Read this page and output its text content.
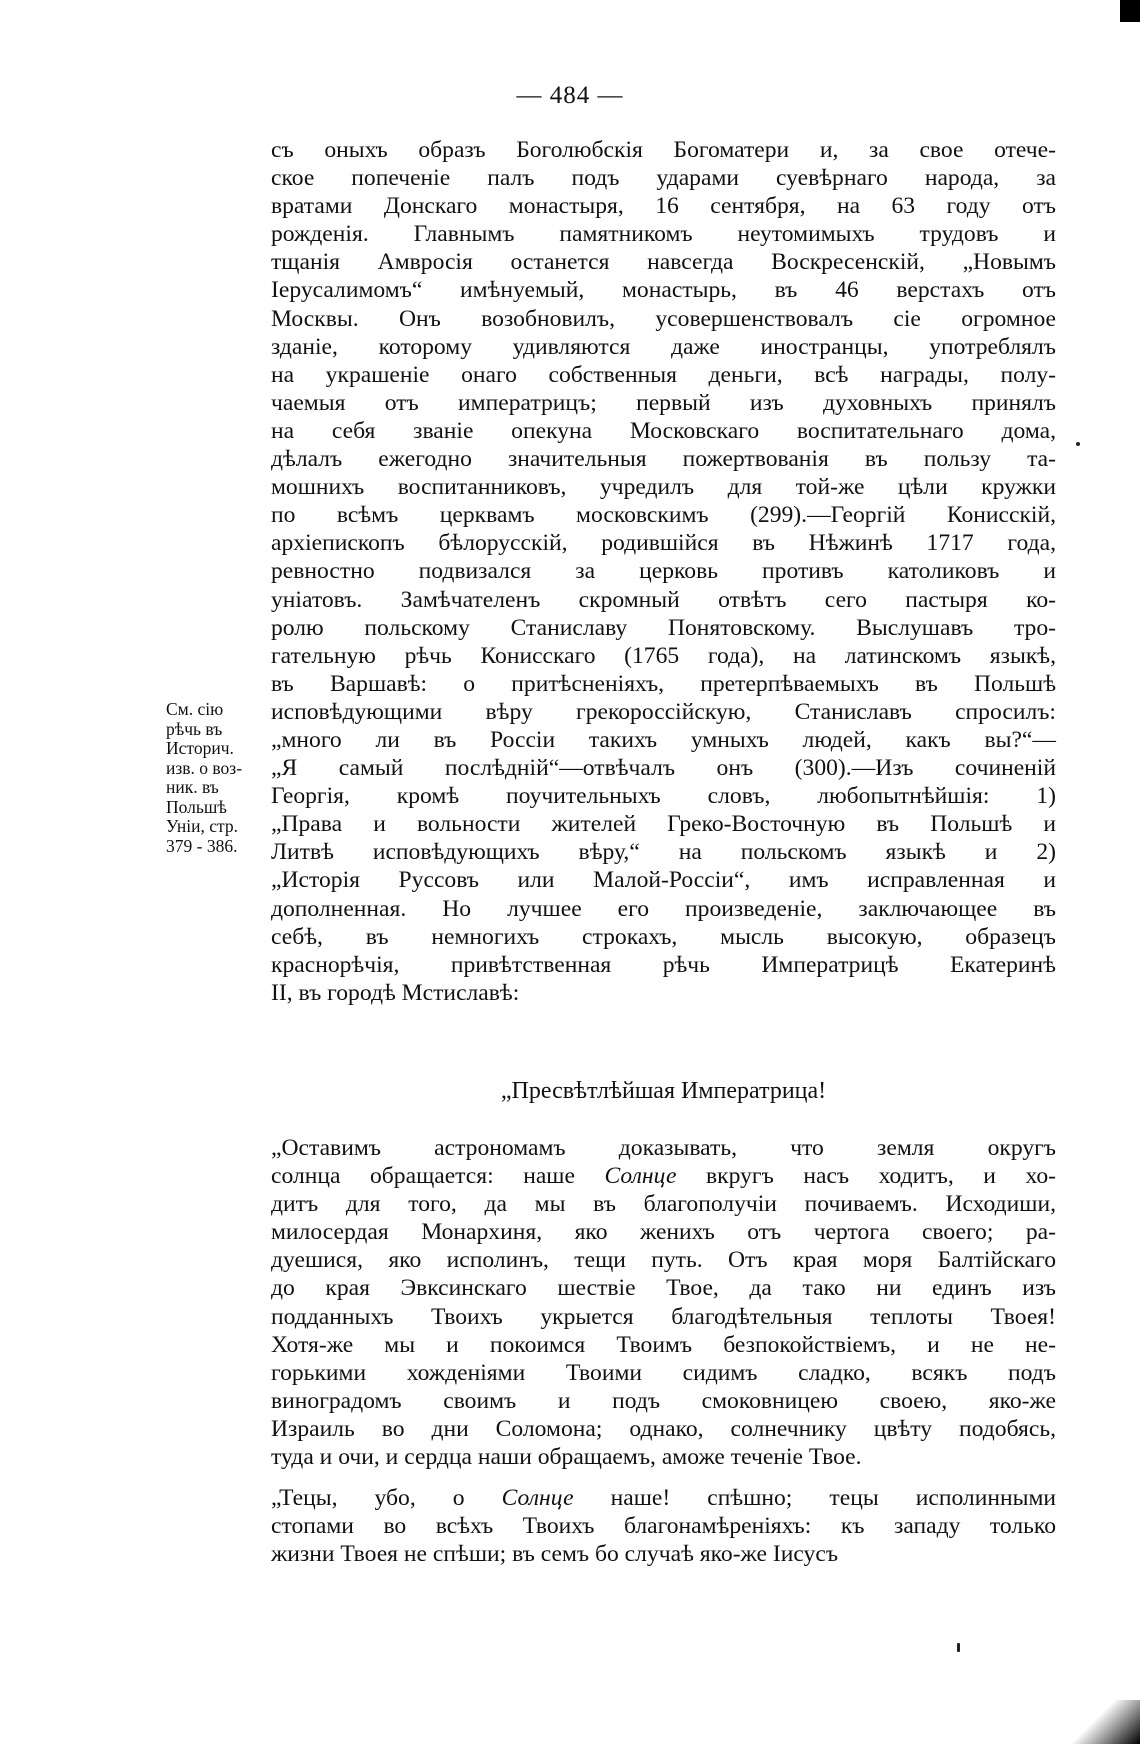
— 484 —
съ оныхъ образъ Боголюбскія Богоматери и, за свое отече-
ское попеченіе палъ подъ ударами суевѣрнаго народа, за
вратами Донскаго монастыря, 16 сентября, на 63 году отъ
рожденія. Главнымъ памятникомъ неутомимыхъ трудовъ и
тщанія Амвросія останется навсегда Воскресенскій, „Новымъ
Іерусалимомъ“ имѣнуемый, монастырь, въ 46 верстахъ отъ
Москвы. Онъ возобновилъ, усовершенствовалъ сіе огромное
зданіе, которому удивляются даже иностранцы, употреблялъ
на украшеніе онаго собственныя деньги, всѣ награды, полу-
чаемыя отъ императрицъ; первый изъ духовныхъ принялъ
на себя званіе опекуна Московскаго воспитательнаго дома,
дѣлалъ ежегодно значительныя пожертвованія въ пользу та-
мошнихъ воспитанниковъ, учредилъ для той-же цѣли кружки
по всѣмъ церквамъ московскимъ (299).—Георгій Конисскій,
архіепископъ бѣлорусскій, родившійся въ Нѣжинѣ 1717 года,
ревностно подвизался за церковь противъ католиковъ и
уніатовъ. Замѣчателенъ скромный отвѣтъ сего пастыря ко-
ролю польскому Станиславу Понятовскому. Выслушавъ тро-
гательную рѣчь Конисскаго (1765 года), на латинскомъ языкѣ,
въ Варшавѣ: о притѣсненіяхъ, претерпѣваемыхъ въ Польшѣ
исповѣдующими вѣру грекороссійскую, Станиславъ спросилъ:
„много ли въ Россіи такихъ умныхъ людей, какъ вы?“—
„Я самый послѣдній“—отвѣчалъ онъ (300).—Изъ сочиненій
Георгія, кромѣ поучительныхъ словъ, любопытнѣйшія: 1)
„Права и вольности жителей Греко-Восточную въ Польшѣ и
Литвѣ исповѣдующихъ вѣру,“ на польскомъ языкѣ и 2)
„Исторія Руссовъ или Малой-Россіи“, имъ исправленная и
дополненная. Но лучшее его произведеніе, заключающее въ
себѣ, въ немногихъ строкахъ, мысль высокую, образецъ
краснорѣчія, привѣтственная рѣчь Императрицѣ Екатеринѣ
II, въ городѣ Мстиславѣ:
См. сію
рѣчь въ
Историч.
изв. о воз-
ник. въ
Польшѣ
Унiи, стр.
379 - 386.
„Пресвѣтлѣйшая Императрица!
„Оставимъ астрономамъ доказывать, что земля округъ
солнца обращается: наше Солнце вкругъ насъ ходитъ, и хо-
дитъ для того, да мы въ благополучіи почиваемъ. Исходиши,
милосердая Монархиня, яко женихъ отъ чертога своего; ра-
дуешися, яко исполинъ, тещи путь. Отъ края моря Балтійскаго
до края Эвксинскаго шествіе Твое, да тако ни единъ изъ
подданныхъ Твоихъ укрыется благодѣтельныя теплоты Твоея!
Хотя-же мы и покоимся Твоимъ безпокойствіемъ, и не не-
горькими хожденіями Твоими сидимъ сладко, всякъ подъ
виноградомъ своимъ и подъ смоковницею своею, яко-же
Израиль во дни Соломона; однако, солнечнику цвѣту подобясь,
туда и очи, и сердца наши обращаемъ, аможе теченіе Твое.
„Тецы, убо, о Солнце наше! спѣшно; тецы исполинными
стопами во всѣхъ Твоихъ благонамѣреніяхъ: къ западу только
жизни Твоея не спѣши; въ семъ бо случаѣ яко-же Іисусъ
